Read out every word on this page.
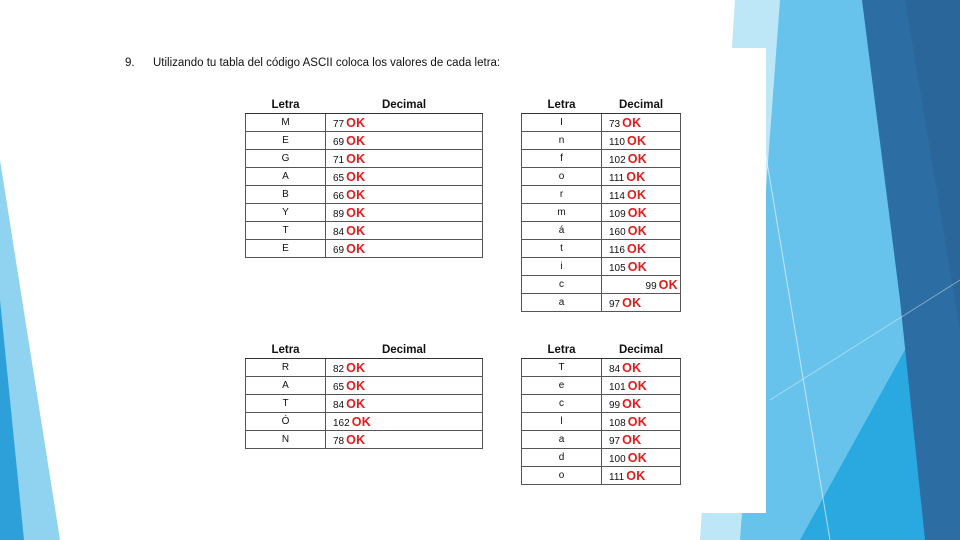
9. Utilizando tu tabla del código ASCII coloca los valores de cada letra:
Letra	Decimal
M	77 OK
E	69 OK
G	71 OK
A	65 OK
B	66 OK
Y	89 OK
T	84 OK
E	69 OK
Letra	Decimal
I	73 OK
n	110 OK
f	102 OK
o	111 OK
r	114 OK
m	109 OK
á	160 OK
t	116 OK
i	105 OK
c	99 OK
a	97 OK
Letra	Decimal
R	82 OK
A	65 OK
T	84 OK
Ó	162 OK
N	78 OK
Letra	Decimal
T	84 OK
e	101 OK
c	99 OK
l	108 OK
a	97 OK
d	100 OK
o	111 OK
